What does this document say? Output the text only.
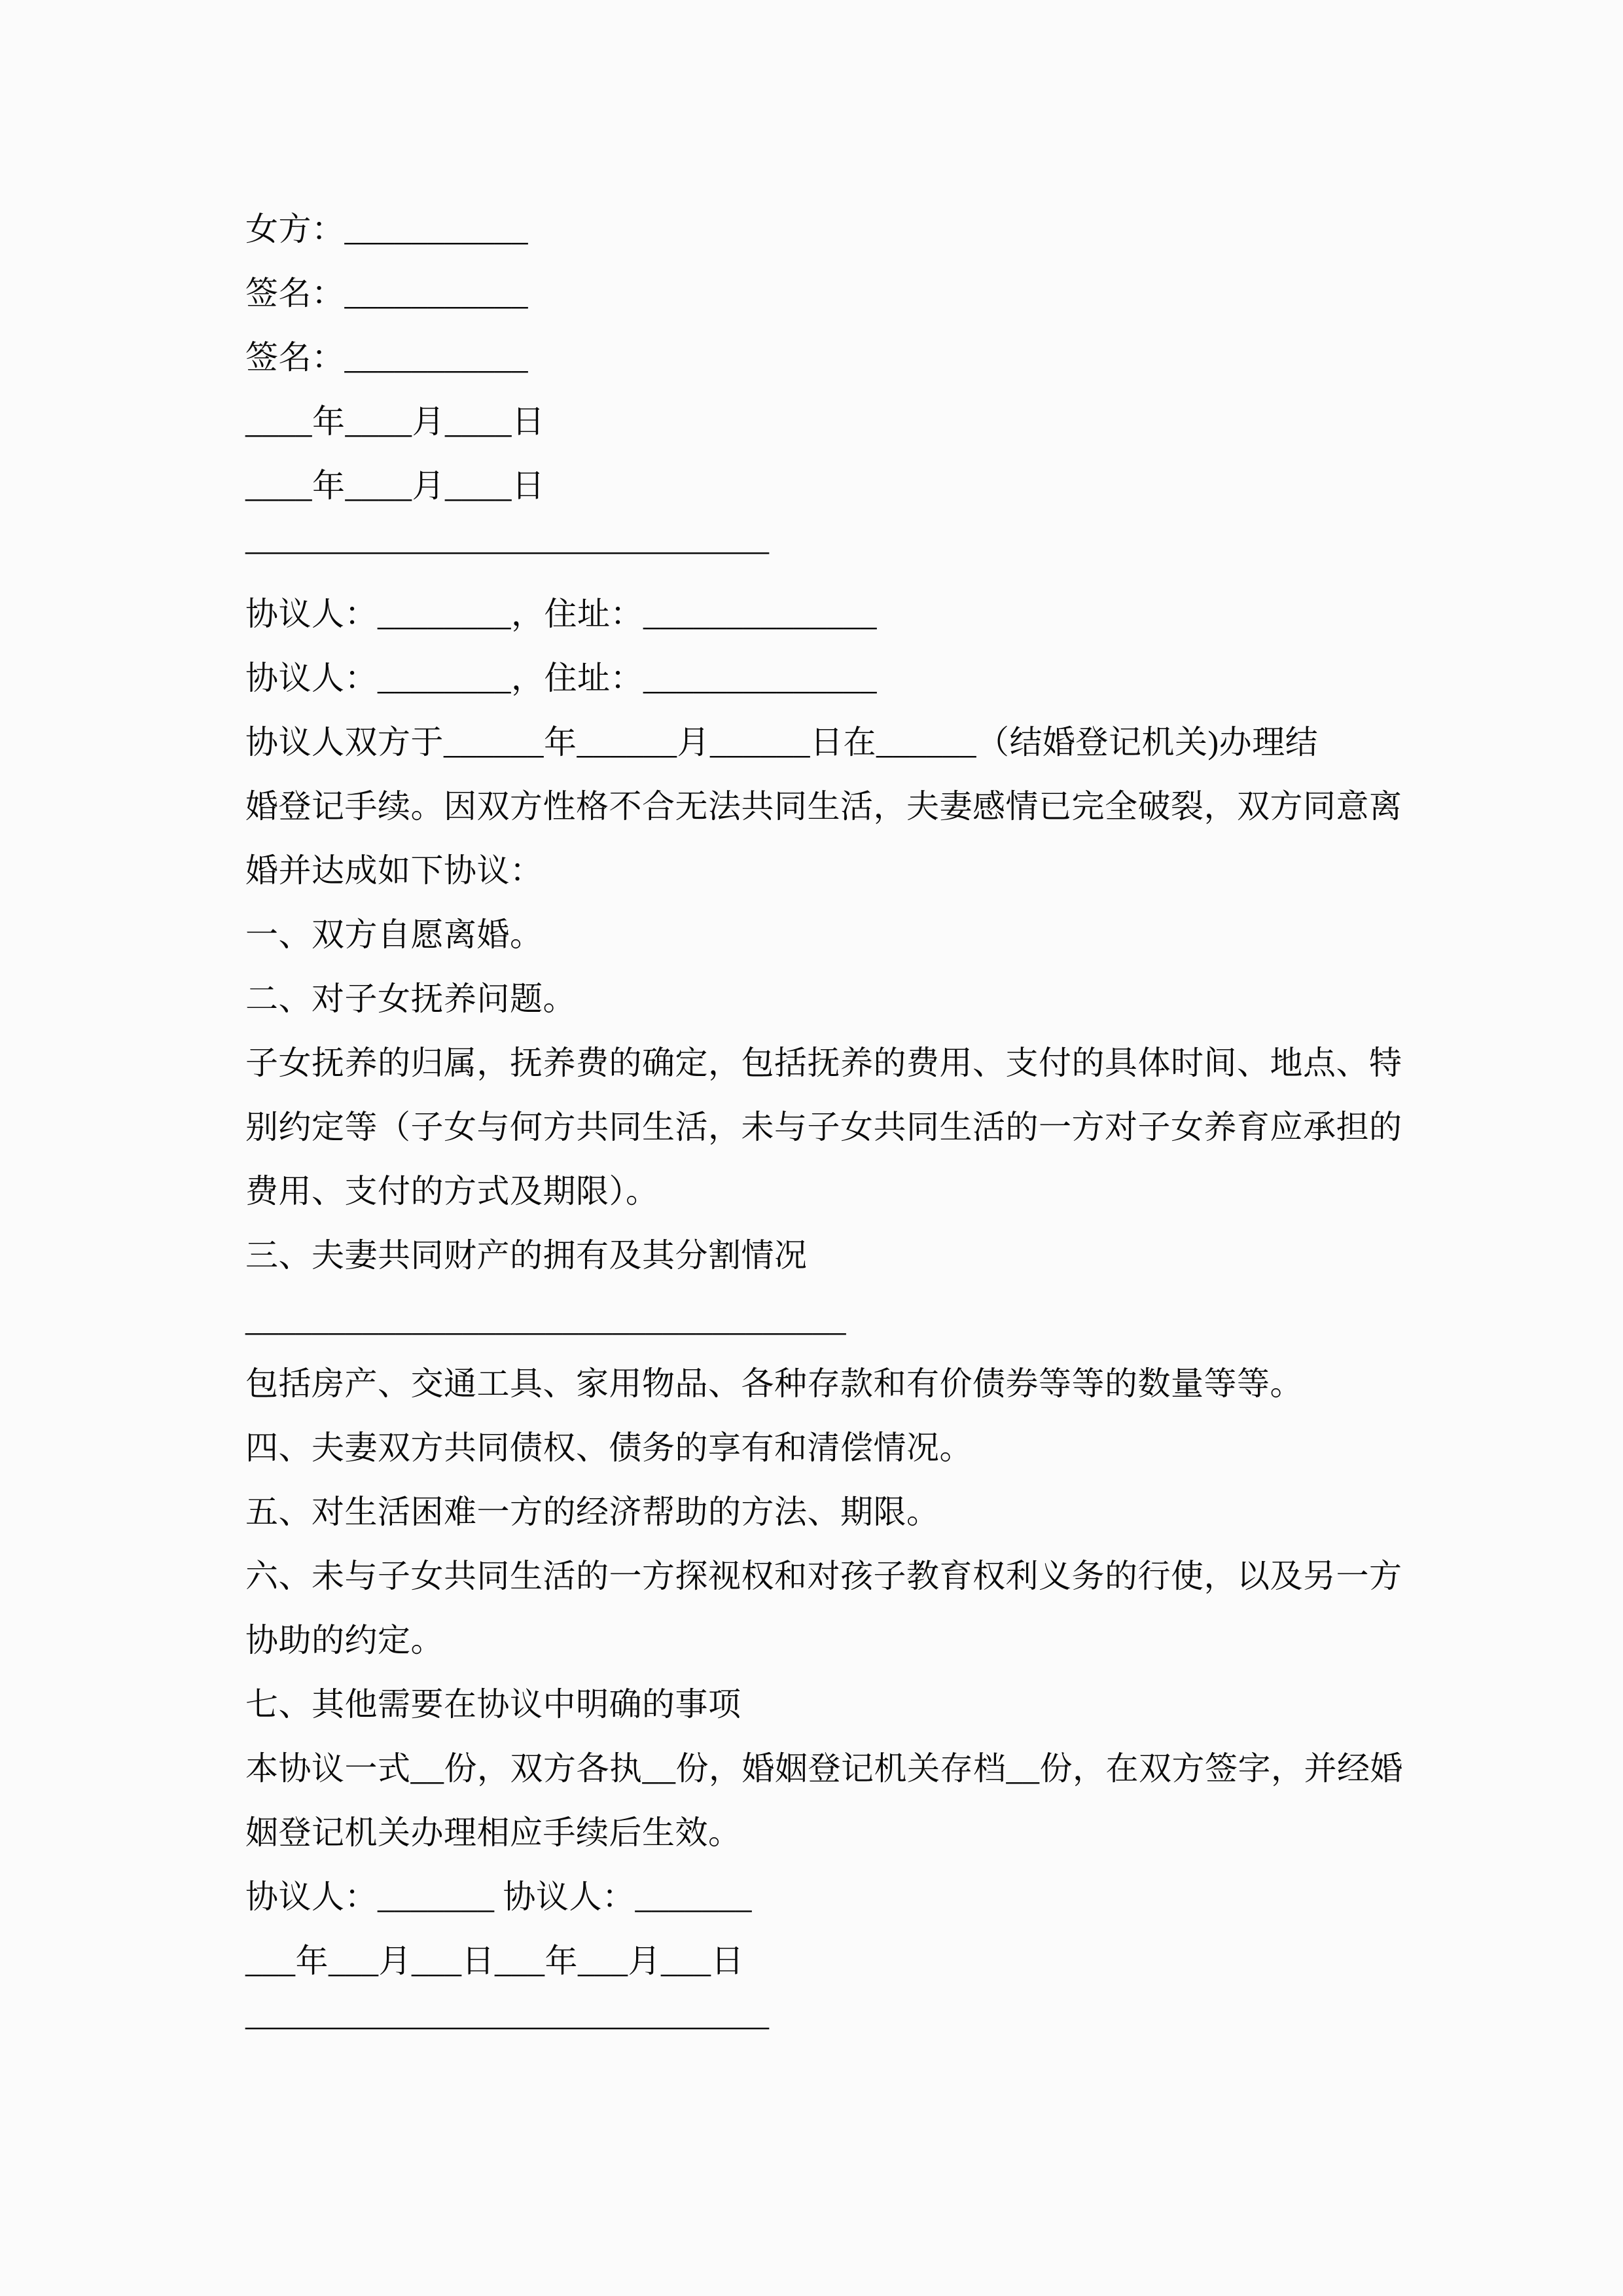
女方：___________

签名：___________

签名：___________

____年____月____日

____年____月____日

————————————————

协议人：________，住址：______________

协议人：________，住址：______________

协议人双方于______年______月______日在______（结婚登记机关)办理结

婚登记手续。因双方性格不合无法共同生活，夫妻感情已完全破裂，双方同意离

婚并达成如下协议：

一、双方自愿离婚。

二、对子女抚养问题。

子女抚养的归属，抚养费的确定，包括抚养的费用、支付的具体时间、地点、特

别约定等（子女与何方共同生活，未与子女共同生活的一方对子女养育应承担的

费用、支付的方式及期限）。

三、夫妻共同财产的拥有及其分割情况

____________________________________

包括房产、交通工具、家用物品、各种存款和有价债券等等的数量等等。

四、夫妻双方共同债权、债务的享有和清偿情况。

五、对生活困难一方的经济帮助的方法、期限。

六、未与子女共同生活的一方探视权和对孩子教育权利义务的行使，以及另一方

协助的约定。

七、其他需要在协议中明确的事项

本协议一式__份，双方各执__份，婚姻登记机关存档__份，在双方签字，并经婚

姻登记机关办理相应手续后生效。

协议人：_______ 协议人：_______

___年___月___日___年___月___日

————————————————
